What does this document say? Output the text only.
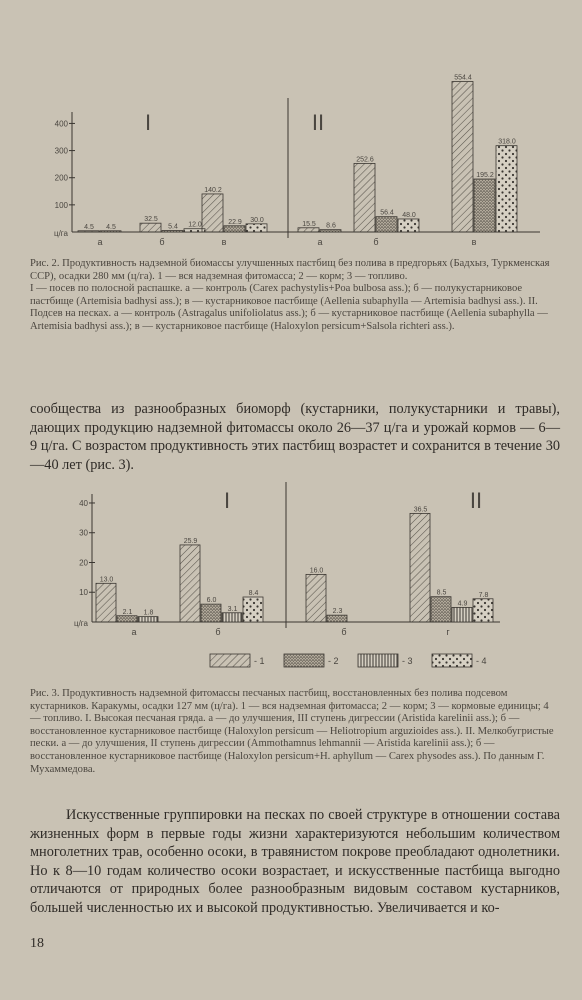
100
200
300
400
ц/га
I
а	б	в
II
а	б	в
4.5 4.5
32.5
5.4 12.0
140.2
22.9 30.0
15.5 8.6
252.6
56.4 48.0
554.4
195.2
318.0

Рис. 2. Продуктивность надземной биомассы улучшенных пастбищ без полива в предгорьях (Бадхыз, Туркменская ССР), осадки 280 мм (ц/га). 1 — вся надземная фитомасса; 2 — корм; 3 — топливо.

I — посев по полосной распашке. а — контроль (Carex pachystylis+Poa bulbosa ass.); б — полукустарниковое пастбище (Artemisia badhysi ass.); в — кустарниковое пастбище (Aellenia subaphylla — Artemisia badhysi ass.). II. Подсев на песках. а — контроль (Astragalus unifoliolatus ass.); б — кустарниковое пастбище (Aellenia subaphylla — Artemisia badhysi ass.); в — кустарниковое пастбище (Haloxylon persicum+Salsola richteri ass.).

сообщества из разнообразных биоморф (кустарники, полукустарники и травы), дающих продукцию надземной фитомассы около 26—37 ц/га и урожай кормов — 6—9 ц/га. С возрастом продуктивность этих пастбищ возрастет и сохранится в течение 30—40 лет (рис. 3).

10
20
30
40
ц/га
I
а	б
II
б	г
13.0
2.1 1.8
25.9
6.0
3.1
8.4
16.0
2.3
36.5
8.5
4.9
7.8
- 1	- 2	- 3	- 4

Рис. 3. Продуктивность надземной фитомассы песчаных пастбищ, восстановленных без полива подсевом кустарников. Каракумы, осадки 127 мм (ц/га). 1 — вся надземная фитомасса; 2 — корм; 3 — кормовые единицы; 4 — топливо. I. Высокая песчаная гряда. а — до улучшения, III ступень дигрессии (Aristida karelinii ass.); б — восстановленное кустарниковое пастбище (Haloxylon persicum — Heliotropium arguzioides ass.). II. Мелкобугристые пески. а — до улучшения, II ступень дигрессии (Ammothamnus lehmannii — Aristida karelinii ass.); б — восстановленное кустарниковое пастбище (Haloxylon persicum+H. aphyllum — Carex physodes ass.). По данным Г. Мухаммедова.

Искусственные группировки на песках по своей структуре в отношении состава жизненных форм в первые годы жизни характеризуются небольшим количеством многолетних трав, особенно осоки, в травянистом покрове преобладают однолетники. Но к 8—10 годам количество осоки возрастает, и искусственные пастбища выгодно отличаются от природных более разнообразным видовым составом кустарников, большей численностью их и высокой продуктивностью. Увеличивается и ко-

18
